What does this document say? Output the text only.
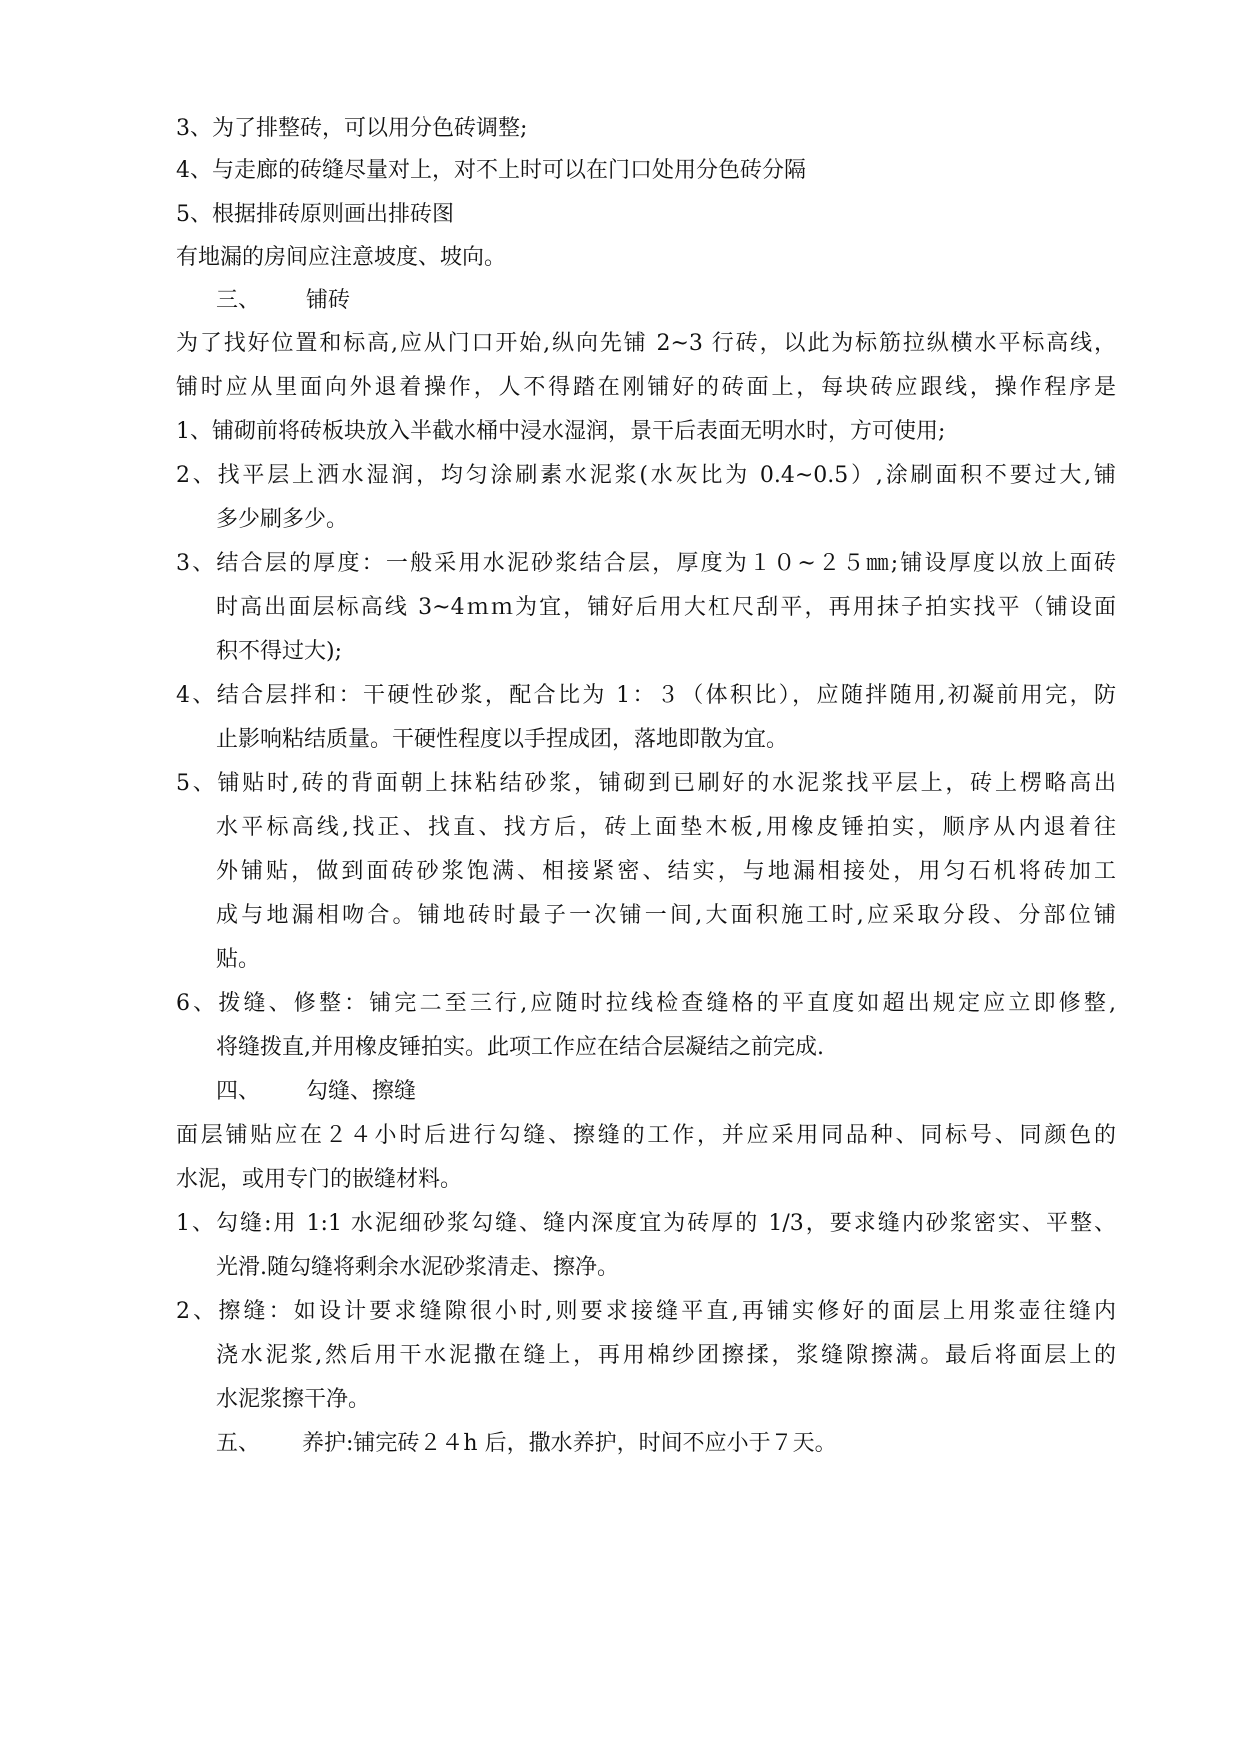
3、为了排整砖，可以用分色砖调整;
4、与走廊的砖缝尽量对上，对不上时可以在门口处用分色砖分隔
5、根据排砖原则画出排砖图
有地漏的房间应注意坡度、坡向。
三、 铺砖
为了找好位置和标高,应从门口开始,纵向先铺 2~3 行砖，以此为标筋拉纵横水平标高线，
铺时应从里面向外退着操作，人不得踏在刚铺好的砖面上，每块砖应跟线，操作程序是
1、铺砌前将砖板块放入半截水桶中浸水湿润，景干后表面无明水时，方可使用;
2、找平层上洒水湿润，均匀涂刷素水泥浆(水灰比为 0.4~0.5）,涂刷面积不要过大,铺
多少刷多少。
3、结合层的厚度：一般采用水泥砂浆结合层，厚度为１０~２５㎜;铺设厚度以放上面砖
时高出面层标高线 3~4ｍｍ为宜，铺好后用大杠尺刮平，再用抹子拍实找平（铺设面
积不得过大);
4、结合层拌和：干硬性砂浆，配合比为 1：３（体积比），应随拌随用,初凝前用完，防
止影响粘结质量。干硬性程度以手捏成团，落地即散为宜。
5、铺贴时,砖的背面朝上抹粘结砂浆，铺砌到已刷好的水泥浆找平层上，砖上楞略高出
水平标高线,找正、找直、找方后，砖上面垫木板,用橡皮锤拍实，顺序从内退着往
外铺贴，做到面砖砂浆饱满、相接紧密、结实，与地漏相接处，用匀石机将砖加工
成与地漏相吻合。铺地砖时最子一次铺一间,大面积施工时,应采取分段、分部位铺
贴。
6、拨缝、修整：铺完二至三行,应随时拉线检查缝格的平直度如超出规定应立即修整,
将缝拨直,并用橡皮锤拍实。此项工作应在结合层凝结之前完成.
四、 勾缝、擦缝
面层铺贴应在２４小时后进行勾缝、擦缝的工作，并应采用同品种、同标号、同颜色的
水泥，或用专门的嵌缝材料。
1、勾缝:用 1:1 水泥细砂浆勾缝、缝内深度宜为砖厚的 1/3，要求缝内砂浆密实、平整、
光滑.随勾缝将剩余水泥砂浆清走、擦净。
2、擦缝：如设计要求缝隙很小时,则要求接缝平直,再铺实修好的面层上用浆壶往缝内
浇水泥浆,然后用干水泥撒在缝上，再用棉纱团擦揉，浆缝隙擦满。最后将面层上的
水泥浆擦干净。
五、 养护:铺完砖２４h 后，撒水养护，时间不应小于７天。
